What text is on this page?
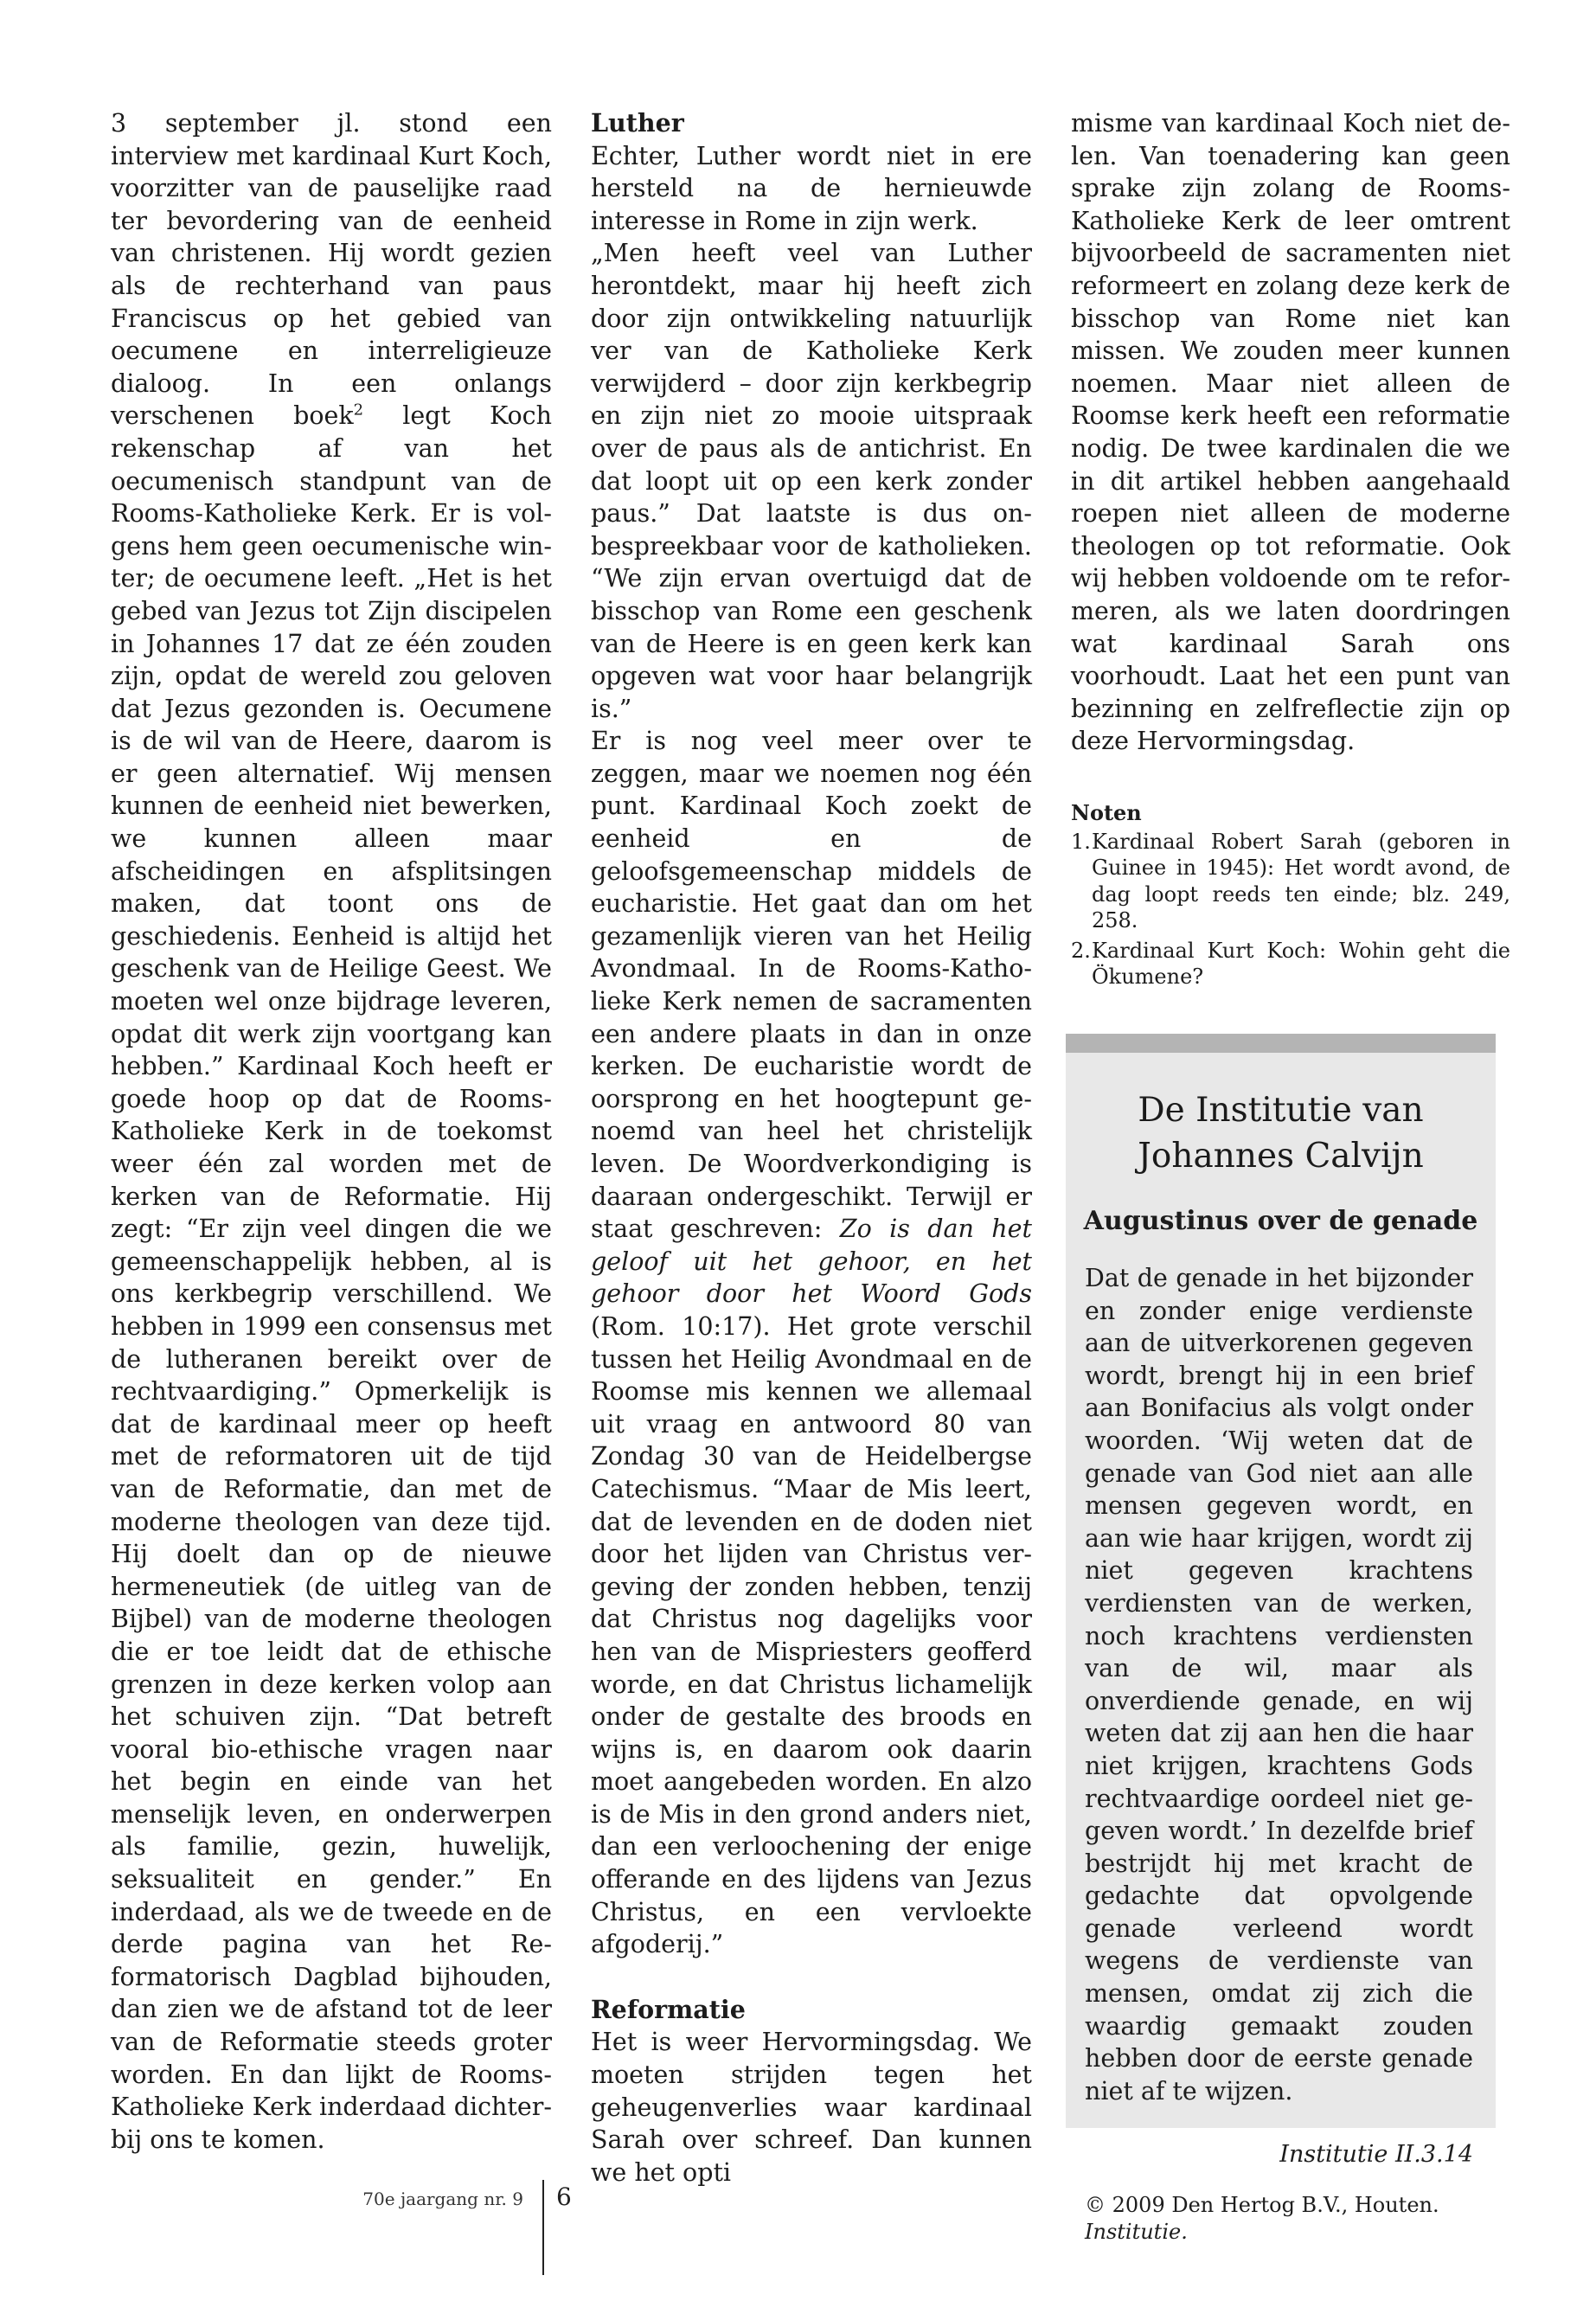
3 september jl. stond een interview met kardinaal Kurt Koch, voorzitter van de pauselijke raad ter bevordering van de eenheid van christenen. Hij wordt gezien als de rechterhand van paus Franciscus op het gebied van oecumene en interreligieuze dialoog. In een onlangs verschenen boek$^2$ legt Koch rekenschap af van het oecumenisch standpunt van de Rooms-Katholieke Kerk. Er is volgens hem geen oecumenische winter; de oecumene leeft. „Het is het gebed van Jezus tot Zijn discipelen in Johannes 17 dat ze één zouden zijn, opdat de wereld zou geloven dat Jezus gezonden is. Oecumene is de wil van de Heere, daarom is er geen alternatief. Wij mensen kunnen de eenheid niet bewerken, we kunnen alleen maar afscheidingen en afsplitsingen maken, dat toont ons de geschiedenis. Eenheid is altijd het geschenk van de Heilige Geest. We moeten wel onze bijdrage leveren, opdat dit werk zijn voortgang kan hebben.” Kardinaal Koch heeft er goede hoop op dat de Rooms-Katholieke Kerk in de toekomst weer één zal worden met de kerken van de Reformatie. Hij zegt: “Er zijn veel dingen die we gemeenschappelijk hebben, al is ons kerkbegrip verschillend. We hebben in 1999 een consensus met de lutheranen bereikt over de rechtvaardiging.” Opmerkelijk is dat de kardinaal meer op heeft met de reformatoren uit de tijd van de Reformatie, dan met de moderne theologen van deze tijd. Hij doelt dan op de nieuwe hermeneutiek (de uitleg van de Bijbel) van de moderne theologen die er toe leidt dat de ethische grenzen in deze kerken volop aan het schuiven zijn. “Dat betreft vooral bio-ethische vragen naar het begin en einde van het menselijk leven, en onderwerpen als familie, gezin, huwelijk, seksualiteit en gender.” En inderdaad, als we de tweede en de derde pagina van het Reformatorisch Dagblad bijhouden, dan zien we de afstand tot de leer van de Reformatie steeds groter worden. En dan lijkt de Rooms-Katholieke Kerk inderdaad dichterbij ons te komen.

Luther

Echter, Luther wordt niet in ere hersteld na de hernieuwde interesse in Rome in zijn werk.

„Men heeft veel van Luther herontdekt, maar hij heeft zich door zijn ontwikkeling natuurlijk ver van de Katholieke Kerk verwijderd – door zijn kerkbegrip en zijn niet zo mooie uitspraak over de paus als de antichrist. En dat loopt uit op een kerk zonder paus.” Dat laatste is dus onbespreekbaar voor de katholieken. “We zijn ervan overtuigd dat de bisschop van Rome een geschenk van de Heere is en geen kerk kan opgeven wat voor haar belangrijk is.”

Er is nog veel meer over te zeggen, maar we noemen nog één punt. Kardinaal Koch zoekt de eenheid en de geloofsgemeenschap middels de eucharistie. Het gaat dan om het gezamenlijk vieren van het Heilig Avondmaal. In de Rooms-Katholieke Kerk nemen de sacramenten een andere plaats in dan in onze kerken. De eucharistie wordt de oorsprong en het hoogtepunt genoemd van heel het christelijk leven. De Woordverkondiging is daaraan ondergeschikt. Terwijl er staat geschreven: Zo is dan het geloof uit het gehoor, en het gehoor door het Woord Gods (Rom. 10:17). Het grote verschil tussen het Heilig Avondmaal en de Roomse mis kennen we allemaal uit vraag en antwoord 80 van Zondag 30 van de Heidelbergse Catechismus. “Maar de Mis leert, dat de levenden en de doden niet door het lijden van Christus vergeving der zonden hebben, tenzij dat Christus nog dagelijks voor hen van de Mispriesters geofferd worde, en dat Christus lichamelijk onder de gestalte des broods en wijns is, en daarom ook daarin moet aangebeden worden. En alzo is de Mis in den grond anders niet, dan een verloochening der enige offerande en des lijdens van Jezus Christus, en een vervloekte afgoderij.”

Reformatie

Het is weer Hervormingsdag. We moeten strijden tegen het geheugenverlies waar kardinaal Sarah over schreef. Dan kunnen we het opti

misme van kardinaal Koch niet delen. Van toenadering kan geen sprake zijn zolang de Rooms-Katholieke Kerk de leer omtrent bijvoorbeeld de sacramenten niet reformeert en zolang deze kerk de bisschop van Rome niet kan missen. We zouden meer kunnen noemen. Maar niet alleen de Roomse kerk heeft een reformatie nodig. De twee kardinalen die we in dit artikel hebben aangehaald roepen niet alleen de moderne theologen op tot reformatie. Ook wij hebben voldoende om te reformeren, als we laten doordringen wat kardinaal Sarah ons voorhoudt. Laat het een punt van bezinning en zelfreflectie zijn op deze Hervormingsdag.

Noten
1. Kardinaal Robert Sarah (geboren in Guinee in 1945): Het wordt avond, de dag loopt reeds ten einde; blz. 249, 258.
2. Kardinaal Kurt Koch: Wohin geht die Ökumene?
De Institutie van
Johannes Calvijn
Augustinus over de genade
Dat de genade in het bijzonder en zonder enige verdienste aan de uitverkorenen gegeven wordt, brengt hij in een brief aan Bonifacius als volgt onder woorden. ‘Wij weten dat de genade van God niet aan alle mensen gegeven wordt, en aan wie haar krijgen, wordt zij niet gegeven krachtens verdiensten van de werken, noch krachtens verdiensten van de wil, maar als onverdiende genade, en wij weten dat zij aan hen die haar niet krijgen, krachtens Gods rechtvaardige oordeel niet gegeven wordt.’ In dezelfde brief bestrijdt hij met kracht de gedachte dat opvolgende genade verleend wordt wegens de verdienste van mensen, omdat zij zich die waardig gemaakt zouden hebben door de eerste genade niet af te wijzen.
Institutie II.3.14
© 2009 Den Hertog B.V., Houten.
Institutie.
70e jaargang nr. 9 6
